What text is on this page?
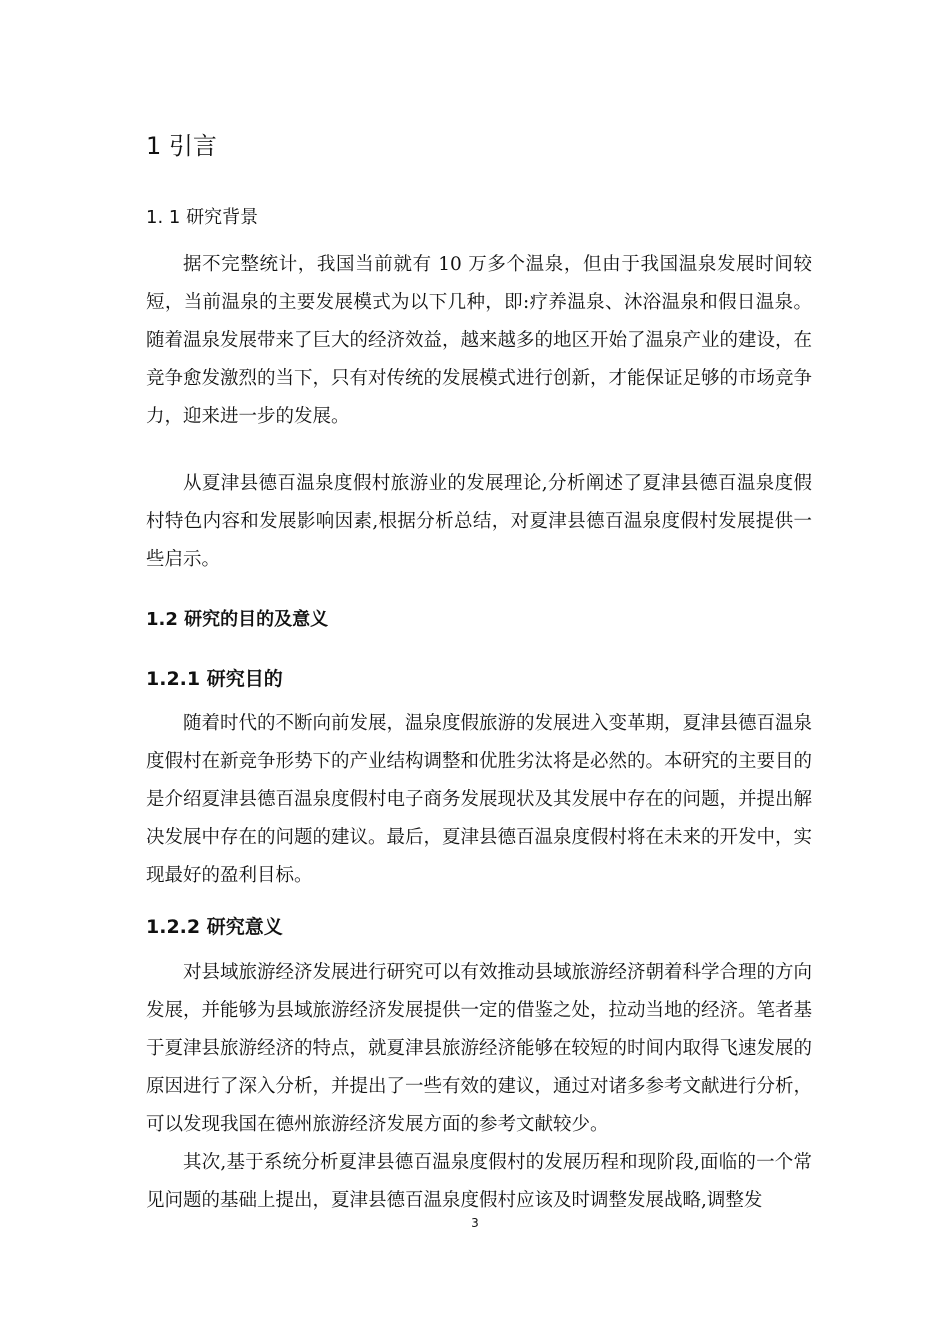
1 引言
1. 1 研究背景

据不完整统计，我国当前就有 10 万多个温泉，但由于我国温泉发展时间较短，当前温泉的主要发展模式为以下几种，即:疗养温泉、沐浴温泉和假日温泉。随着温泉发展带来了巨大的经济效益，越来越多的地区开始了温泉产业的建设，在竞争愈发激烈的当下，只有对传统的发展模式进行创新，才能保证足够的市场竞争力，迎来进一步的发展。

从夏津县德百温泉度假村旅游业的发展理论,分析阐述了夏津县德百温泉度假村特色内容和发展影响因素,根据分析总结，对夏津县德百温泉度假村发展提供一些启示。

1.2 研究的目的及意义
1.2.1 研究目的

随着时代的不断向前发展，温泉度假旅游的发展进入变革期，夏津县德百温泉度假村在新竞争形势下的产业结构调整和优胜劣汰将是必然的。本研究的主要目的是介绍夏津县德百温泉度假村电子商务发展现状及其发展中存在的问题，并提出解决发展中存在的问题的建议。最后，夏津县德百温泉度假村将在未来的开发中，实现最好的盈利目标。

1.2.2 研究意义

对县域旅游经济发展进行研究可以有效推动县域旅游经济朝着科学合理的方向发展，并能够为县域旅游经济发展提供一定的借鉴之处，拉动当地的经济。笔者基于夏津县旅游经济的特点，就夏津县旅游经济能够在较短的时间内取得飞速发展的原因进行了深入分析，并提出了一些有效的建议，通过对诸多参考文献进行分析，可以发现我国在德州旅游经济发展方面的参考文献较少。

其次,基于系统分析夏津县德百温泉度假村的发展历程和现阶段,面临的一个常见问题的基础上提出，夏津县德百温泉度假村应该及时调整发展战略,调整发

3
